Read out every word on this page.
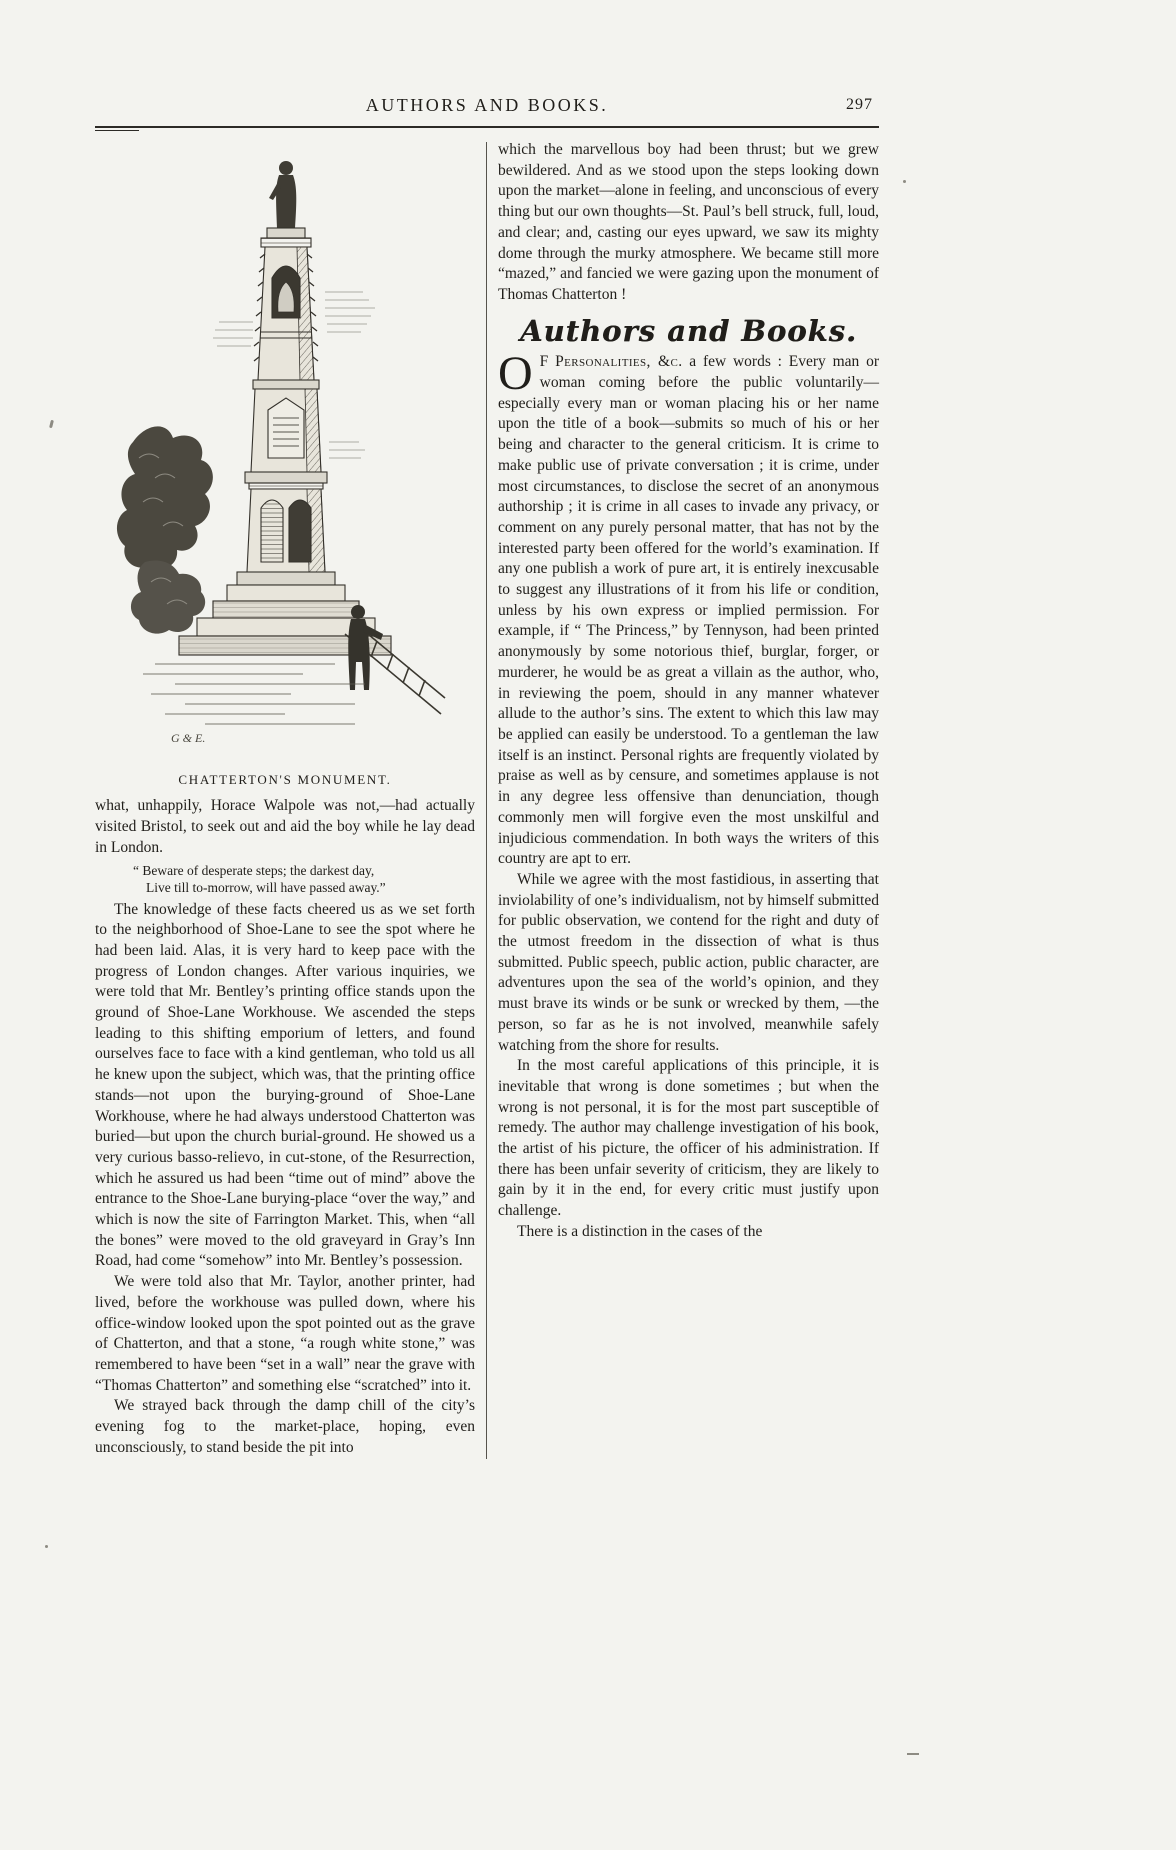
AUTHORS AND BOOKS.	297
G & E.
CHATTERTON'S MONUMENT.

what, unhappily, Horace Walpole was not,—had actually visited Bristol, to seek out and aid the boy while he lay dead in London.

“ Beware of desperate steps; the darkest day,
Live till to-morrow, will have passed away.”

The knowledge of these facts cheered us as we set forth to the neighborhood of Shoe-Lane to see the spot where he had been laid. Alas, it is very hard to keep pace with the progress of London changes. After various inquiries, we were told that Mr. Bentley’s printing office stands upon the ground of Shoe-Lane Workhouse. We ascended the steps leading to this shifting emporium of letters, and found ourselves face to face with a kind gentleman, who told us all he knew upon the subject, which was, that the printing office stands—not upon the burying-ground of Shoe-Lane Workhouse, where he had always understood Chatterton was buried—but upon the church burial-ground. He showed us a very curious basso-relievo, in cut-stone, of the Resurrection, which he assured us had been “time out of mind” above the entrance to the Shoe-Lane burying-place “over the way,” and which is now the site of Farrington Market. This, when “all the bones” were moved to the old graveyard in Gray’s Inn Road, had come “somehow” into Mr. Bentley’s possession.

We were told also that Mr. Taylor, another printer, had lived, before the workhouse was pulled down, where his office-window looked upon the spot pointed out as the grave of Chatterton, and that a stone, “a rough white stone,” was remembered to have been “set in a wall” near the grave with “Thomas Chatterton” and something else “scratched” into it.

We strayed back through the damp chill of the city’s evening fog to the market-place, hoping, even unconsciously, to stand beside the pit into

which the marvellous boy had been thrust; but we grew bewildered. And as we stood upon the steps looking down upon the market—alone in feeling, and unconscious of every thing but our own thoughts—St. Paul’s bell struck, full, loud, and clear; and, casting our eyes upward, we saw its mighty dome through the murky atmosphere. We became still more “mazed,” and fancied we were gazing upon the monument of Thomas Chatterton !

Authors and Books.

O F Personalities, &c. a few words : Every man or woman coming before the public voluntarily—especially every man or woman placing his or her name upon the title of a book—submits so much of his or her being and character to the general criticism. It is crime to make public use of private conversation ; it is crime, under most circumstances, to disclose the secret of an anonymous authorship ; it is crime in all cases to invade any privacy, or comment on any purely personal matter, that has not by the interested party been offered for the world’s examination. If any one publish a work of pure art, it is entirely inexcusable to suggest any illustrations of it from his life or condition, unless by his own express or implied permission. For example, if “ The Princess,” by Tennyson, had been printed anonymously by some notorious thief, burglar, forger, or murderer, he would be as great a villain as the author, who, in reviewing the poem, should in any manner whatever allude to the author’s sins. The extent to which this law may be applied can easily be understood. To a gentleman the law itself is an instinct. Personal rights are frequently violated by praise as well as by censure, and sometimes applause is not in any degree less offensive than denunciation, though commonly men will forgive even the most unskilful and injudicious commendation. In both ways the writers of this country are apt to err.

While we agree with the most fastidious, in asserting that inviolability of one’s individualism, not by himself submitted for public observation, we contend for the right and duty of the utmost freedom in the dissection of what is thus submitted. Public speech, public action, public character, are adventures upon the sea of the world’s opinion, and they must brave its winds or be sunk or wrecked by them, —the person, so far as he is not involved, meanwhile safely watching from the shore for results.

In the most careful applications of this principle, it is inevitable that wrong is done sometimes ; but when the wrong is not personal, it is for the most part susceptible of remedy. The author may challenge investigation of his book, the artist of his picture, the officer of his administration. If there has been unfair severity of criticism, they are likely to gain by it in the end, for every critic must justify upon challenge.

There is a distinction in the cases of the
